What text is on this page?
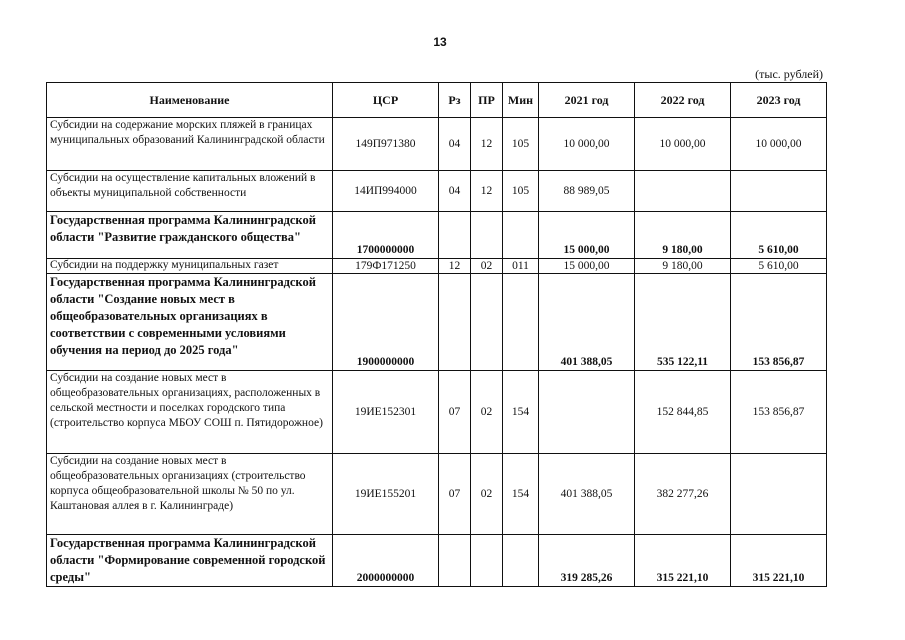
13
(тыс. рублей)
Наименование	ЦСР	Рз	ПР	Мин	2021 год	2022 год	2023 год
Субсидии на содержание морских пляжей в границах муниципальных образований Калининградской области	149П971380	04	12	105	10 000,00	10 000,00	10 000,00
Субсидии на осуществление капитальных вложений в объекты муниципальной собственности	14ИП994000	04	12	105	88 989,05		
Государственная программа Калининградской области "Развитие гражданского общества"	1700000000				15 000,00	9 180,00	5 610,00
Субсидии на поддержку муниципальных газет	179Ф171250	12	02	011	15 000,00	9 180,00	5 610,00
Государственная программа Калининградской области "Создание новых мест в общеобразовательных организациях в соответствии с современными условиями обучения на период до 2025 года"	1900000000				401 388,05	535 122,11	153 856,87
Субсидии на создание новых мест в общеобразовательных организациях, расположенных в сельской местности и поселках городского типа (строительство корпуса МБОУ СОШ п. Пятидорожное)	19ИЕ152301	07	02	154		152 844,85	153 856,87
Субсидии на создание новых мест в общеобразовательных организациях (строительство корпуса общеобразовательной школы № 50 по ул. Каштановая аллея в г. Калининграде)	19ИЕ155201	07	02	154	401 388,05	382 277,26	
Государственная программа Калининградской области "Формирование современной городской среды"	2000000000				319 285,26	315 221,10	315 221,10
